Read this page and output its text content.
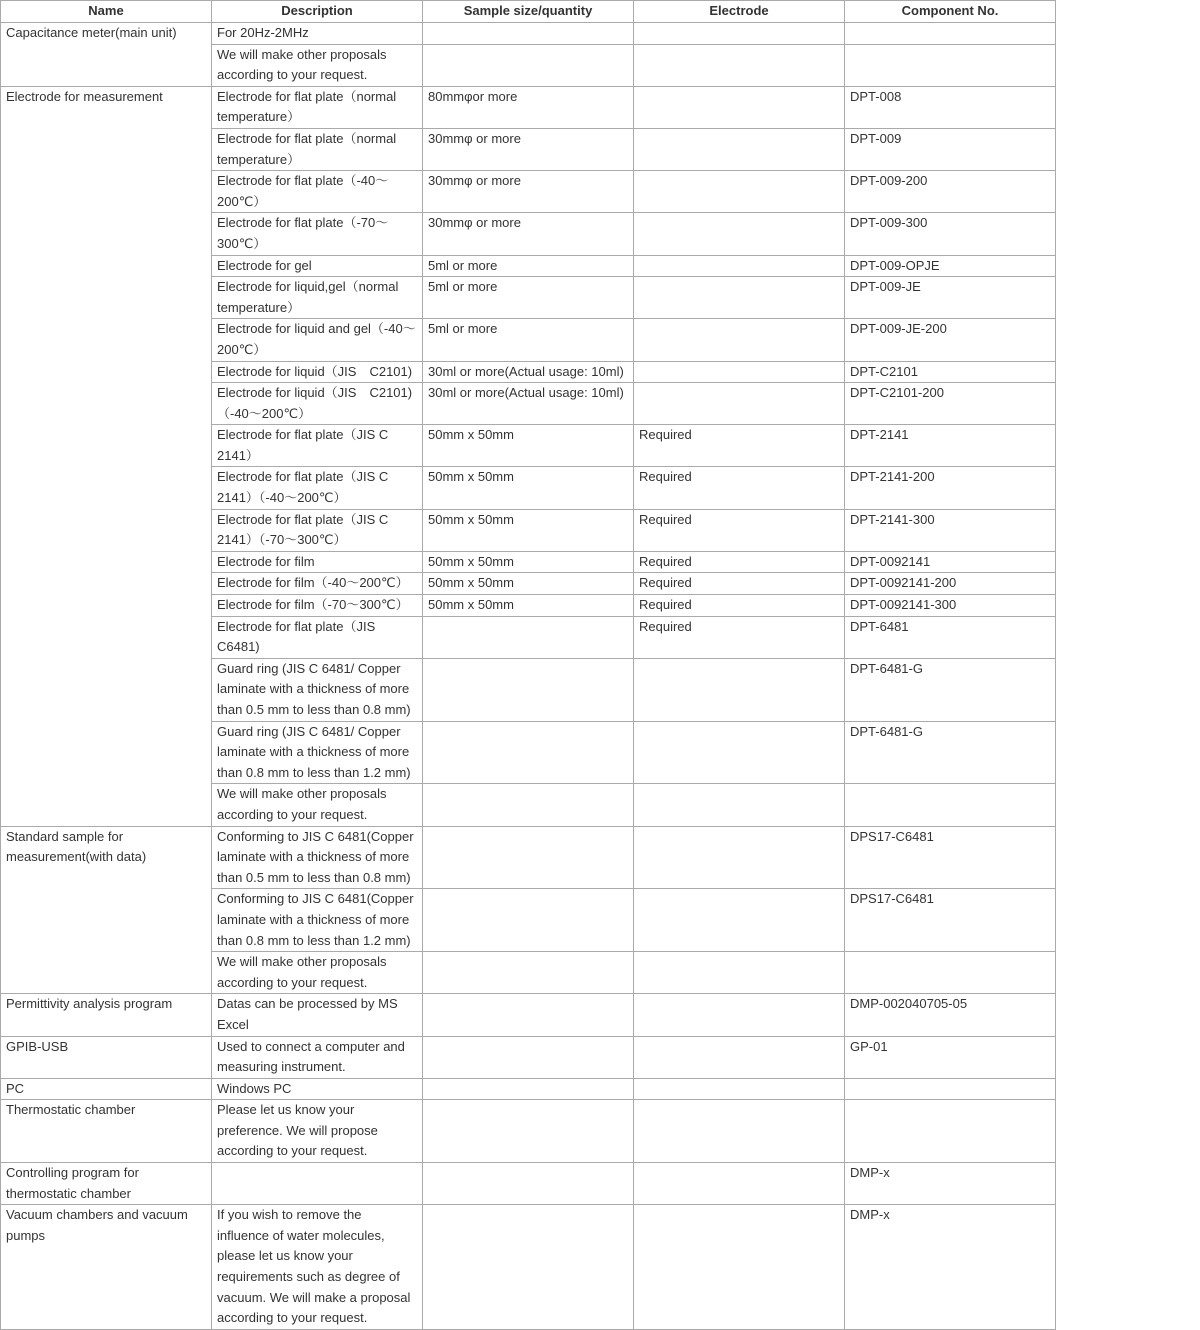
Name	Description	Sample size/quantity	Electrode	Component No.
Capacitance meter(main unit)	For 20Hz-2MHz			
	We will make other proposals according to your request.			
Electrode for measurement	Electrode for flat plate（normal temperature）	80mmφor more		DPT-008
	Electrode for flat plate（normal temperature）	30mmφ or more		DPT-009
	Electrode for flat plate（-40～200℃）	30mmφ or more		DPT-009-200
	Electrode for flat plate（-70～300℃）	30mmφ or more		DPT-009-300
	Electrode for gel	5ml or more		DPT-009-OPJE
	Electrode for liquid,gel（normal temperature）	5ml or more		DPT-009-JE
	Electrode for liquid and gel（-40～200℃）	5ml or more		DPT-009-JE-200
	Electrode for liquid（JIS　C2101)	30ml or more(Actual usage: 10ml)		DPT-C2101
	Electrode for liquid（JIS　C2101)（-40～200℃）	30ml or more(Actual usage: 10ml)		DPT-C2101-200
	Electrode for flat plate（JIS C 2141）	50mm x 50mm	Required	DPT-2141
	Electrode for flat plate（JIS C 2141）（-40～200℃）	50mm x 50mm	Required	DPT-2141-200
	Electrode for flat plate（JIS C 2141）（-70～300℃）	50mm x 50mm	Required	DPT-2141-300
	Electrode for film	50mm x 50mm	Required	DPT-0092141
	Electrode for film（-40～200℃）	50mm x 50mm	Required	DPT-0092141-200
	Electrode for film（-70～300℃）	50mm x 50mm	Required	DPT-0092141-300
	Electrode for flat plate（JIS C6481)		Required	DPT-6481
	Guard ring (JIS C 6481/ Copper laminate with a thickness of more than 0.5 mm to less than 0.8 mm)			DPT-6481-G
	Guard ring (JIS C 6481/ Copper laminate with a thickness of more than 0.8 mm to less than 1.2 mm)			DPT-6481-G
	We will make other proposals according to your request.			
Standard sample for measurement(with data)	Conforming to JIS C 6481(Copper laminate with a thickness of more than 0.5 mm to less than 0.8 mm)			DPS17-C6481
	Conforming to JIS C 6481(Copper laminate with a thickness of more than 0.8 mm to less than 1.2 mm)			DPS17-C6481
	We will make other proposals according to your request.			
Permittivity analysis program	Datas can be processed by MS Excel			DMP-002040705-05
GPIB-USB	Used to connect a computer and measuring instrument.			GP-01
PC	Windows PC			
Thermostatic chamber	Please let us know your preference. We will propose according to your request.			
Controlling program for thermostatic chamber				DMP-x
Vacuum chambers and vacuum pumps	If you wish to remove the influence of water molecules, please let us know your requirements such as degree of vacuum. We will make a proposal according to your request.			DMP-x
